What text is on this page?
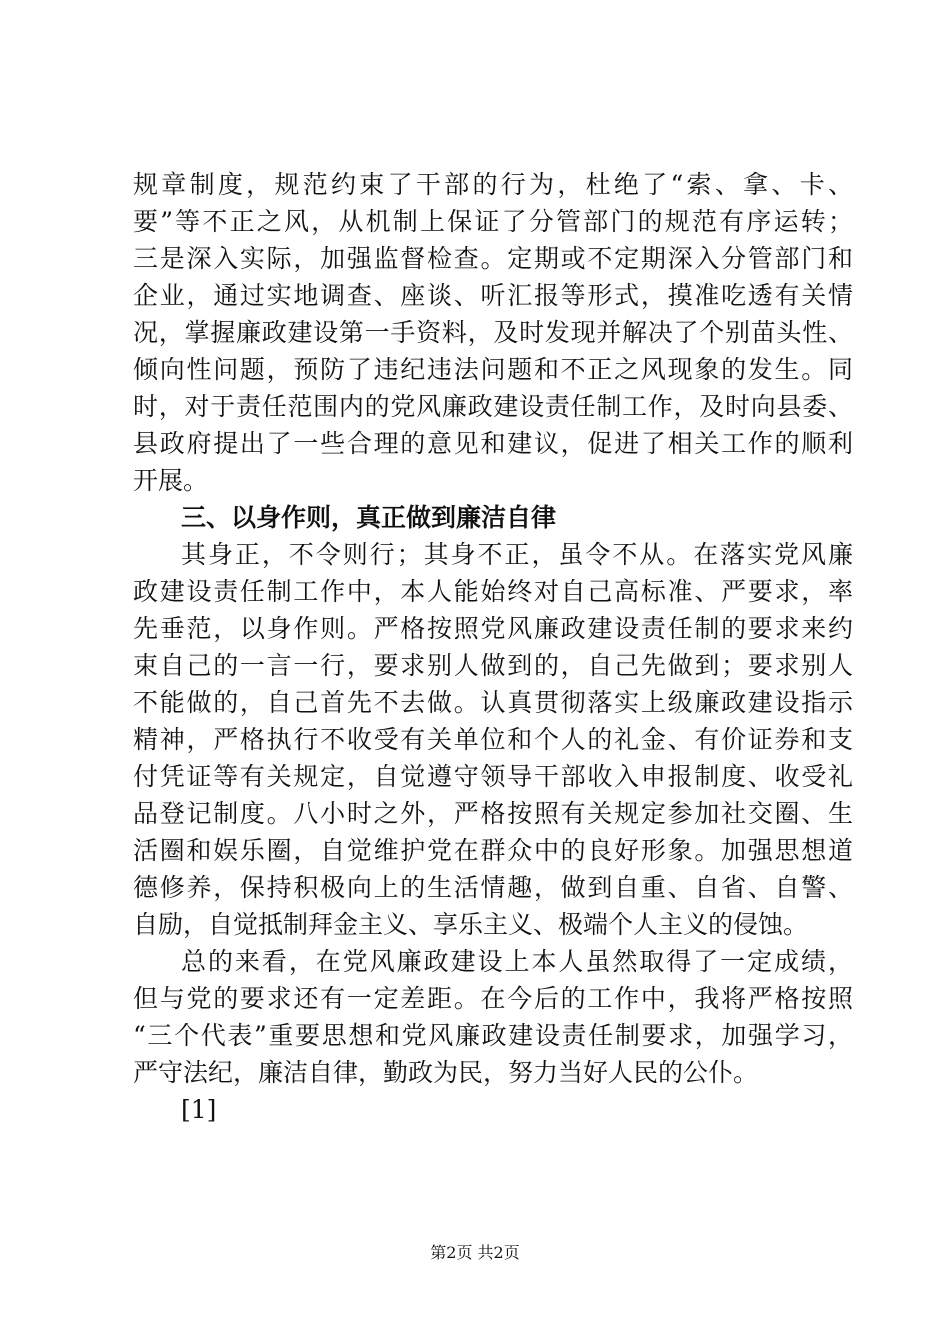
规章制度，规范约束了干部的行为，杜绝了“索、拿、卡、
要”等不正之风，从机制上保证了分管部门的规范有序运转；
三是深入实际，加强监督检查。定期或不定期深入分管部门和
企业，通过实地调查、座谈、听汇报等形式，摸准吃透有关情
况，掌握廉政建设第一手资料，及时发现并解决了个别苗头性、
倾向性问题，预防了违纪违法问题和不正之风现象的发生。同
时，对于责任范围内的党风廉政建设责任制工作，及时向县委、
县政府提出了一些合理的意见和建议，促进了相关工作的顺利
开展。
三、以身作则，真正做到廉洁自律
其身正，不令则行；其身不正，虽令不从。在落实党风廉
政建设责任制工作中，本人能始终对自己高标准、严要求，率
先垂范，以身作则。严格按照党风廉政建设责任制的要求来约
束自己的一言一行，要求别人做到的，自己先做到；要求别人
不能做的，自己首先不去做。认真贯彻落实上级廉政建设指示
精神，严格执行不收受有关单位和个人的礼金、有价证券和支
付凭证等有关规定，自觉遵守领导干部收入申报制度、收受礼
品登记制度。八小时之外，严格按照有关规定参加社交圈、生
活圈和娱乐圈，自觉维护党在群众中的良好形象。加强思想道
德修养，保持积极向上的生活情趣，做到自重、自省、自警、
自励，自觉抵制拜金主义、享乐主义、极端个人主义的侵蚀。
总的来看，在党风廉政建设上本人虽然取得了一定成绩，
但与党的要求还有一定差距。在今后的工作中，我将严格按照
“三个代表”重要思想和党风廉政建设责任制要求，加强学习，
严守法纪，廉洁自律，勤政为民，努力当好人民的公仆。
[1]
第2页 共2页
